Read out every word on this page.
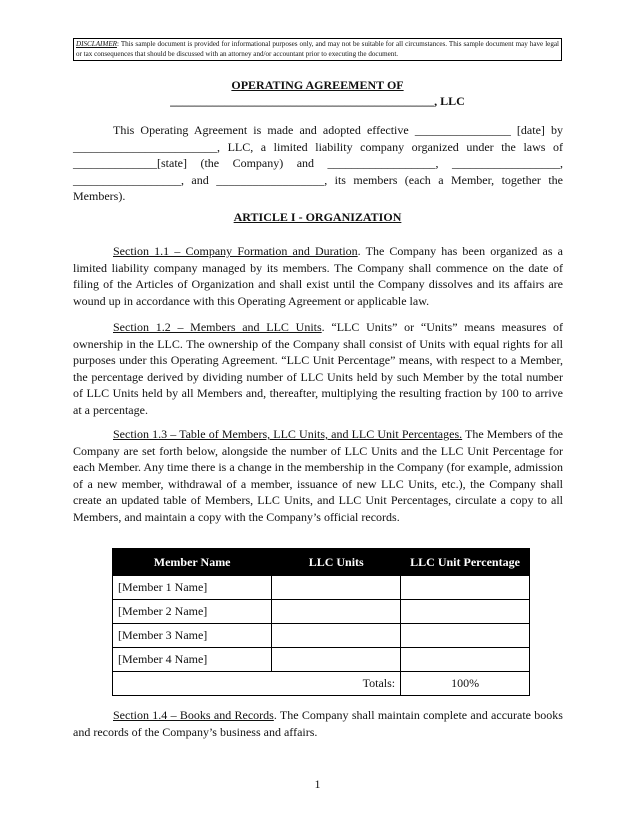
DISCLAIMER: This sample document is provided for informational purposes only, and may not be suitable for all circumstances. This sample document may have legal or tax consequences that should be discussed with an attorney and/or accountant prior to executing the document.
OPERATING AGREEMENT OF
____________________________________________, LLC

This Operating Agreement is made and adopted effective ________________ [date] by ________________________, LLC, a limited liability company organized under the laws of ______________[state] (the Company) and __________________, __________________, __________________, and __________________, its members (each a Member, together the Members).

ARTICLE I - ORGANIZATION

Section 1.1 – Company Formation and Duration. The Company has been organized as a limited liability company managed by its members. The Company shall commence on the date of filing of the Articles of Organization and shall exist until the Company dissolves and its affairs are wound up in accordance with this Operating Agreement or applicable law.

Section 1.2 – Members and LLC Units. “LLC Units” or “Units” means measures of ownership in the LLC. The ownership of the Company shall consist of Units with equal rights for all purposes under this Operating Agreement. “LLC Unit Percentage” means, with respect to a Member, the percentage derived by dividing number of LLC Units held by such Member by the total number of LLC Units held by all Members and, thereafter, multiplying the resulting fraction by 100 to arrive at a percentage.

Section 1.3 – Table of Members, LLC Units, and LLC Unit Percentages. The Members of the Company are set forth below, alongside the number of LLC Units and the LLC Unit Percentage for each Member. Any time there is a change in the membership in the Company (for example, admission of a new member, withdrawal of a member, issuance of new LLC Units, etc.), the Company shall create an updated table of Members, LLC Units, and LLC Unit Percentages, circulate a copy to all Members, and maintain a copy with the Company’s official records.

Member Name	LLC Units	LLC Unit Percentage
[Member 1 Name]		
[Member 2 Name]		
[Member 3 Name]		
[Member 4 Name]		
Totals:		100%

Section 1.4 – Books and Records. The Company shall maintain complete and accurate books and records of the Company’s business and affairs.

1
